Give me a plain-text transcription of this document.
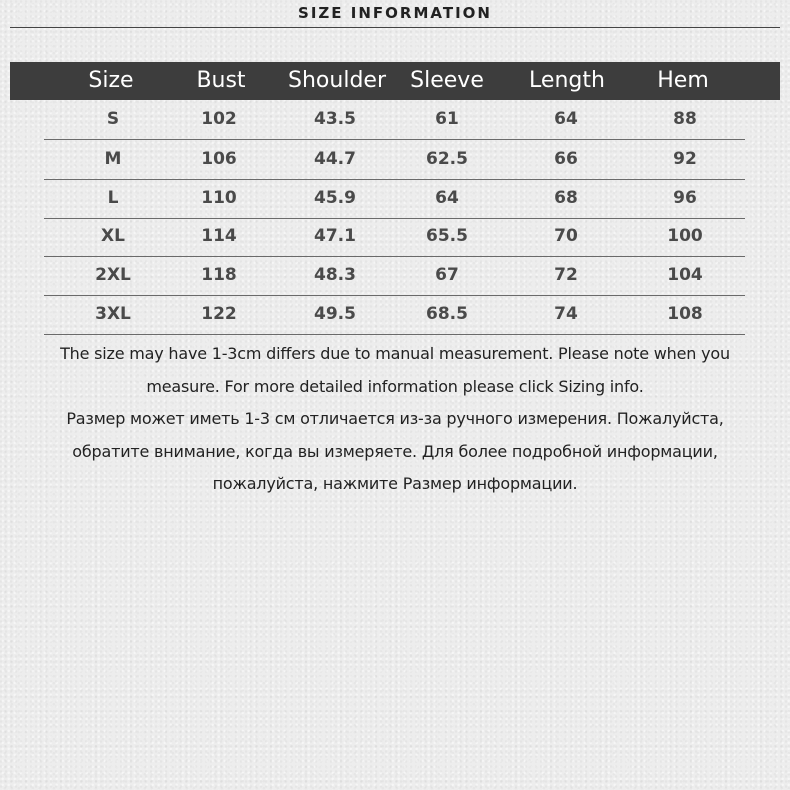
SIZE INFORMATION
Size	Bust Shoulder Sleeve Length Hem
S	102	43.5	61	64	88
M	106	44.7	62.5	66	92
L	110	45.9	64	68	96
XL	114	47.1	65.5	70	100
2XL	118	48.3	67	72	104
3XL	122	49.5	68.5	74	108
The size may have 1-3cm differs due to manual measurement. Please note when you
measure. For more detailed information please click Sizing info.
Размер может иметь 1-3 см отличается из-за ручного измерения. Пожалуйста,
обратите внимание, когда вы измеряете. Для более подробной информации,
пожалуйста, нажмите Размер информации.
